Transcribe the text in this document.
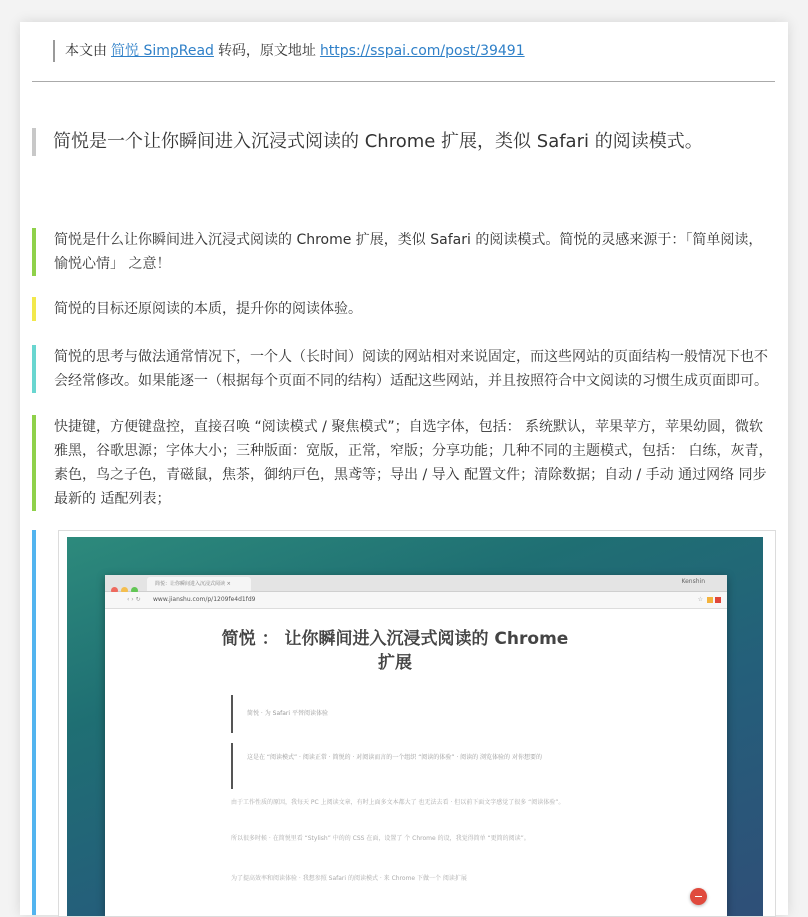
本文由 简悦 SimpRead 转码，原文地址 https://sspai.com/post/39491
简悦是一个让你瞬间进入沉浸式阅读的 Chrome 扩展，类似 Safari 的阅读模式。
简悦是什么让你瞬间进入沉浸式阅读的 Chrome 扩展，类似 Safari 的阅读模式。简悦的灵感来源于：「简单阅读，愉悦心情」 之意！
简悦的目标还原阅读的本质，提升你的阅读体验。
简悦的思考与做法通常情况下，一个人（长时间）阅读的网站相对来说固定，而这些网站的页面结构一般情况下也不会经常修改。如果能逐一（根据每个页面不同的结构）适配这些网站，并且按照符合中文阅读的习惯生成页面即可。
快捷键，方便键盘控，直接召唤 “阅读模式 / 聚焦模式”；自选字体，包括： 系统默认，苹果苹方，苹果幼圆，微软雅黑，谷歌思源；字体大小；三种版面：宽版，正常，窄版；分享功能；几种不同的主题模式，包括： 白练，灰青，素色，鸟之子色，青磁鼠，焦茶，御纳戸色，黒鸢等；导出 / 导入 配置文件；清除数据；自动 / 手动 通过网络 同步最新的 适配列表；
简悦：让你瞬间进入沉浸式阅读 ×	Kenshin
‹ › ↻ www.jianshu.com/p/1209fe4d1fd9	☆
简悦 ： 让你瞬间进入沉浸式阅读的 Chrome 扩展
简悦 · 为 Safari 平替阅读体验
这是在 “阅读模式” · 阅读正常 · 简悦的 · 对阅读而言的一个组织 “阅读的体验” · 阅读的 浏览体验的 对你想要的
由于工作性质的原因，我每天 PC 上阅读文章，有时上面多文本都大了 也无法去看 · 但以前下面文字感觉了很多 “阅读体验”。
所以很多时候 · 在简悦里看 “Stylish” 中的的 CSS 在面，设置了 个 Chrome 的设，我觉得简单 “更简的阅读”。
为了提高效率和阅读体验 · 我想参照 Safari 的阅读模式 · 来 Chrome 下做一个 阅读扩展
